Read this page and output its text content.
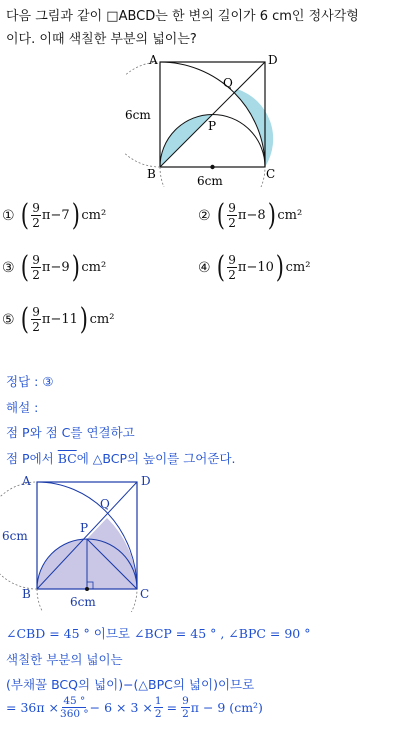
다음 그림과 같이 □ABCD는 한 변의 길이가 6 cm인 정사각형
이다. 이때 색칠한 부분의 넓이는?
A	D
B	C
P
Q
6cm
6cm
① ( $\frac{9}{2} \pi-7$ ) cm²	② ( $\frac{9}{2} \pi-8$ ) cm²
③ ( $\frac{9}{2} \pi-9$ ) cm²	④ ( $\frac{9}{2} \pi-10$ ) cm²
⑤ ( $\frac{9}{2} \pi-11$ ) cm²
정답 : ③
해설 :
점 P와 점 C를 연결하고
점 P에서 $\overline{BC}$에 △BCP의 높이를 그어준다.
A	D
B	C
P
Q
6cm
6cm
∠CBD = 45 ° 이므로 ∠BCP = 45 ° , ∠BPC = 90 °
색칠한 부분의 넓이는
(부채꼴 BCQ의 넓이)−(△BPC의 넓이)이므로
= $36\pi \times \frac{45 ^\circ}{360 ^\circ} - 6 \times 3 \times \frac{1}{2} = \frac{9}{2}$ π − 9 (cm²)
